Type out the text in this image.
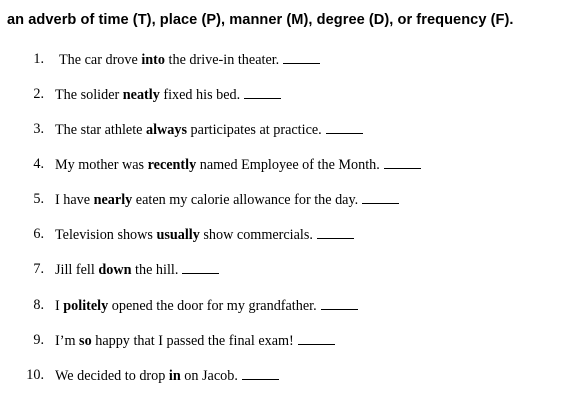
an adverb of time (T), place (P), manner (M), degree (D), or frequency (F).
1. The car drove into the drive-in theater.
2. The solider neatly fixed his bed.
3. The star athlete always participates at practice.
4. My mother was recently named Employee of the Month.
5. I have nearly eaten my calorie allowance for the day.
6. Television shows usually show commercials.
7. Jill fell down the hill.
8. I politely opened the door for my grandfather.
9. I’m so happy that I passed the final exam!
10. We decided to drop in on Jacob.
